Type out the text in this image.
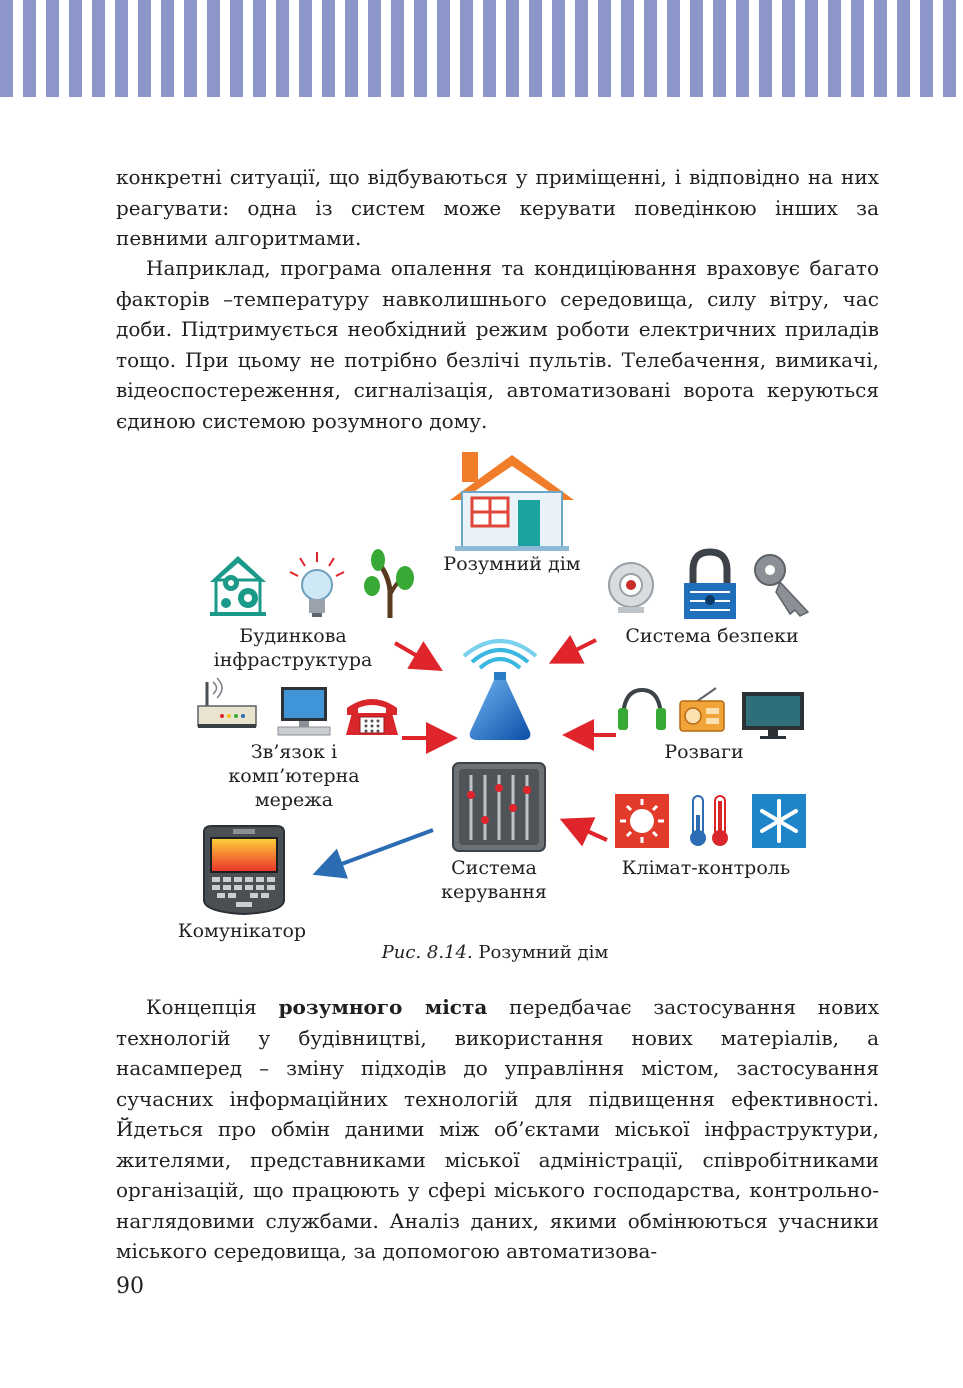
конкретні ситуації, що відбуваються у приміщенні, і відповідно на них реагувати: одна із систем може керувати поведінкою інших за певними алгоритмами.

Наприклад, програма опалення та кондиціювання враховує багато факторів –температуру навколишнього середовища, силу вітру, час доби. Підтримується необхідний режим роботи електричних приладів тощо. При цьому не потрібно безлічі пультів. Телебачення, вимикачі, відеоспостереження, сигналізація, автоматизовані ворота керуються єдиною системою розумного дому.

Розумний дім
Будинкова
інфраструктура
Система безпеки
Зв’язок і
комп’ютерна
мережа
Розваги
Система
керування
Клімат-контроль
Комунікатор
Рис. 8.14. Розумний дім

Концепція розумного міста передбачає застосування нових технологій у будівництві, використання нових матеріалів, а насамперед – зміну підходів до управління містом, застосування сучасних інформаційних технологій для підвищення ефективності. Йдеться про обмін даними між об’єктами міської інфраструктури, жителями, представниками міської адміністрації, співробітниками організацій, що працюють у сфері міського господарства, контрольно-наглядовими службами. Аналіз даних, якими обмінюються учасники міського середовища, за допомогою автоматизова-

90
